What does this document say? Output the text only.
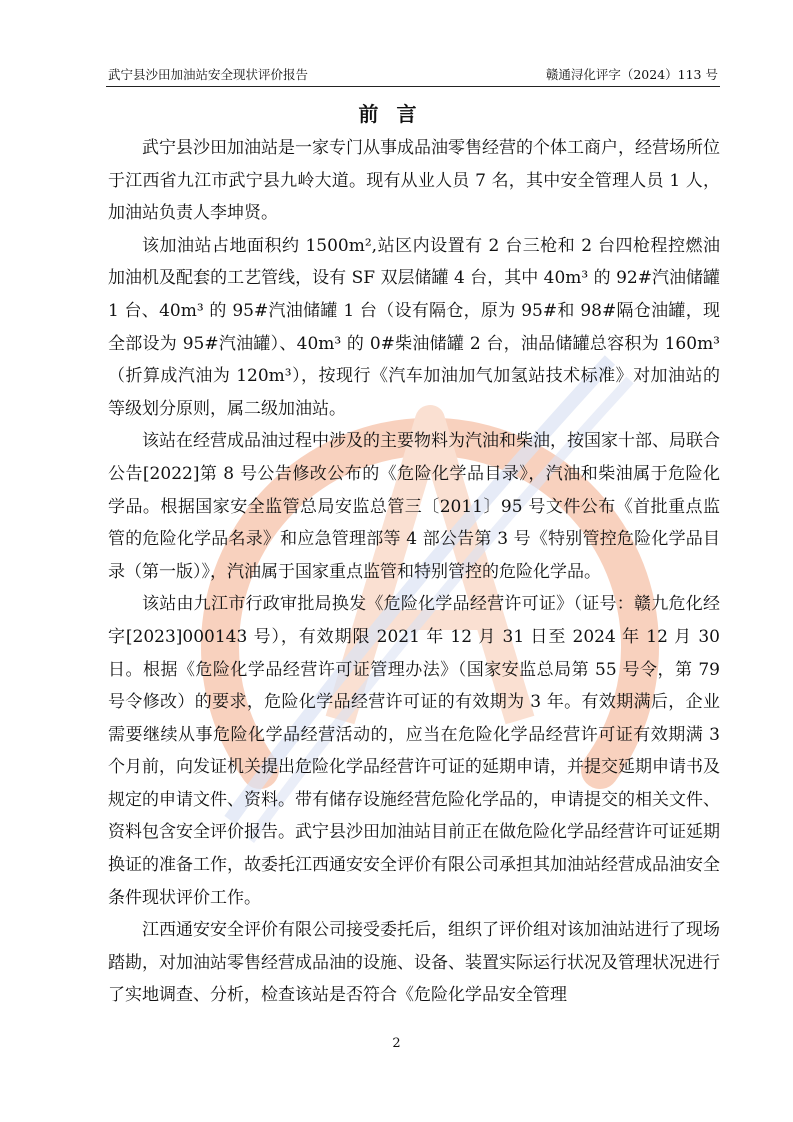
武宁县沙田加油站安全现状评价报告	赣通浔化评字（2024）113 号
前言

武宁县沙田加油站是一家专门从事成品油零售经营的个体工商户，经营场所位于江西省九江市武宁县九岭大道。现有从业人员 7 名，其中安全管理人员 1 人，加油站负责人李坤贤。

该加油站占地面积约 1500m²,站区内设置有 2 台三枪和 2 台四枪程控燃油加油机及配套的工艺管线，设有 SF 双层储罐 4 台，其中 40m³ 的 92#汽油储罐 1 台、40m³ 的 95#汽油储罐 1 台（设有隔仓，原为 95#和 98#隔仓油罐，现全部设为 95#汽油罐）、40m³ 的 0#柴油储罐 2 台，油品储罐总容积为 160m³（折算成汽油为 120m³），按现行《汽车加油加气加氢站技术标准》对加油站的等级划分原则，属二级加油站。

该站在经营成品油过程中涉及的主要物料为汽油和柴油，按国家十部、局联合公告[2022]第 8 号公告修改公布的《危险化学品目录》，汽油和柴油属于危险化学品。根据国家安全监管总局安监总管三〔2011〕95 号文件公布《首批重点监管的危险化学品名录》和应急管理部等 4 部公告第 3 号《特别管控危险化学品目录（第一版）》，汽油属于国家重点监管和特别管控的危险化学品。

该站由九江市行政审批局换发《危险化学品经营许可证》（证号：赣九危化经字[2023]000143 号），有效期限 2021 年 12 月 31 日至 2024 年 12 月 30 日。根据《危险化学品经营许可证管理办法》（国家安监总局第 55 号令，第 79 号令修改）的要求，危险化学品经营许可证的有效期为 3 年。有效期满后，企业需要继续从事危险化学品经营活动的，应当在危险化学品经营许可证有效期满 3 个月前，向发证机关提出危险化学品经营许可证的延期申请，并提交延期申请书及规定的申请文件、资料。带有储存设施经营危险化学品的，申请提交的相关文件、资料包含安全评价报告。武宁县沙田加油站目前正在做危险化学品经营许可证延期换证的准备工作，故委托江西通安安全评价有限公司承担其加油站经营成品油安全条件现状评价工作。

江西通安安全评价有限公司接受委托后，组织了评价组对该加油站进行了现场踏勘，对加油站零售经营成品油的设施、设备、装置实际运行状况及管理状况进行了实地调查、分析，检查该站是否符合《危险化学品安全管理

2
